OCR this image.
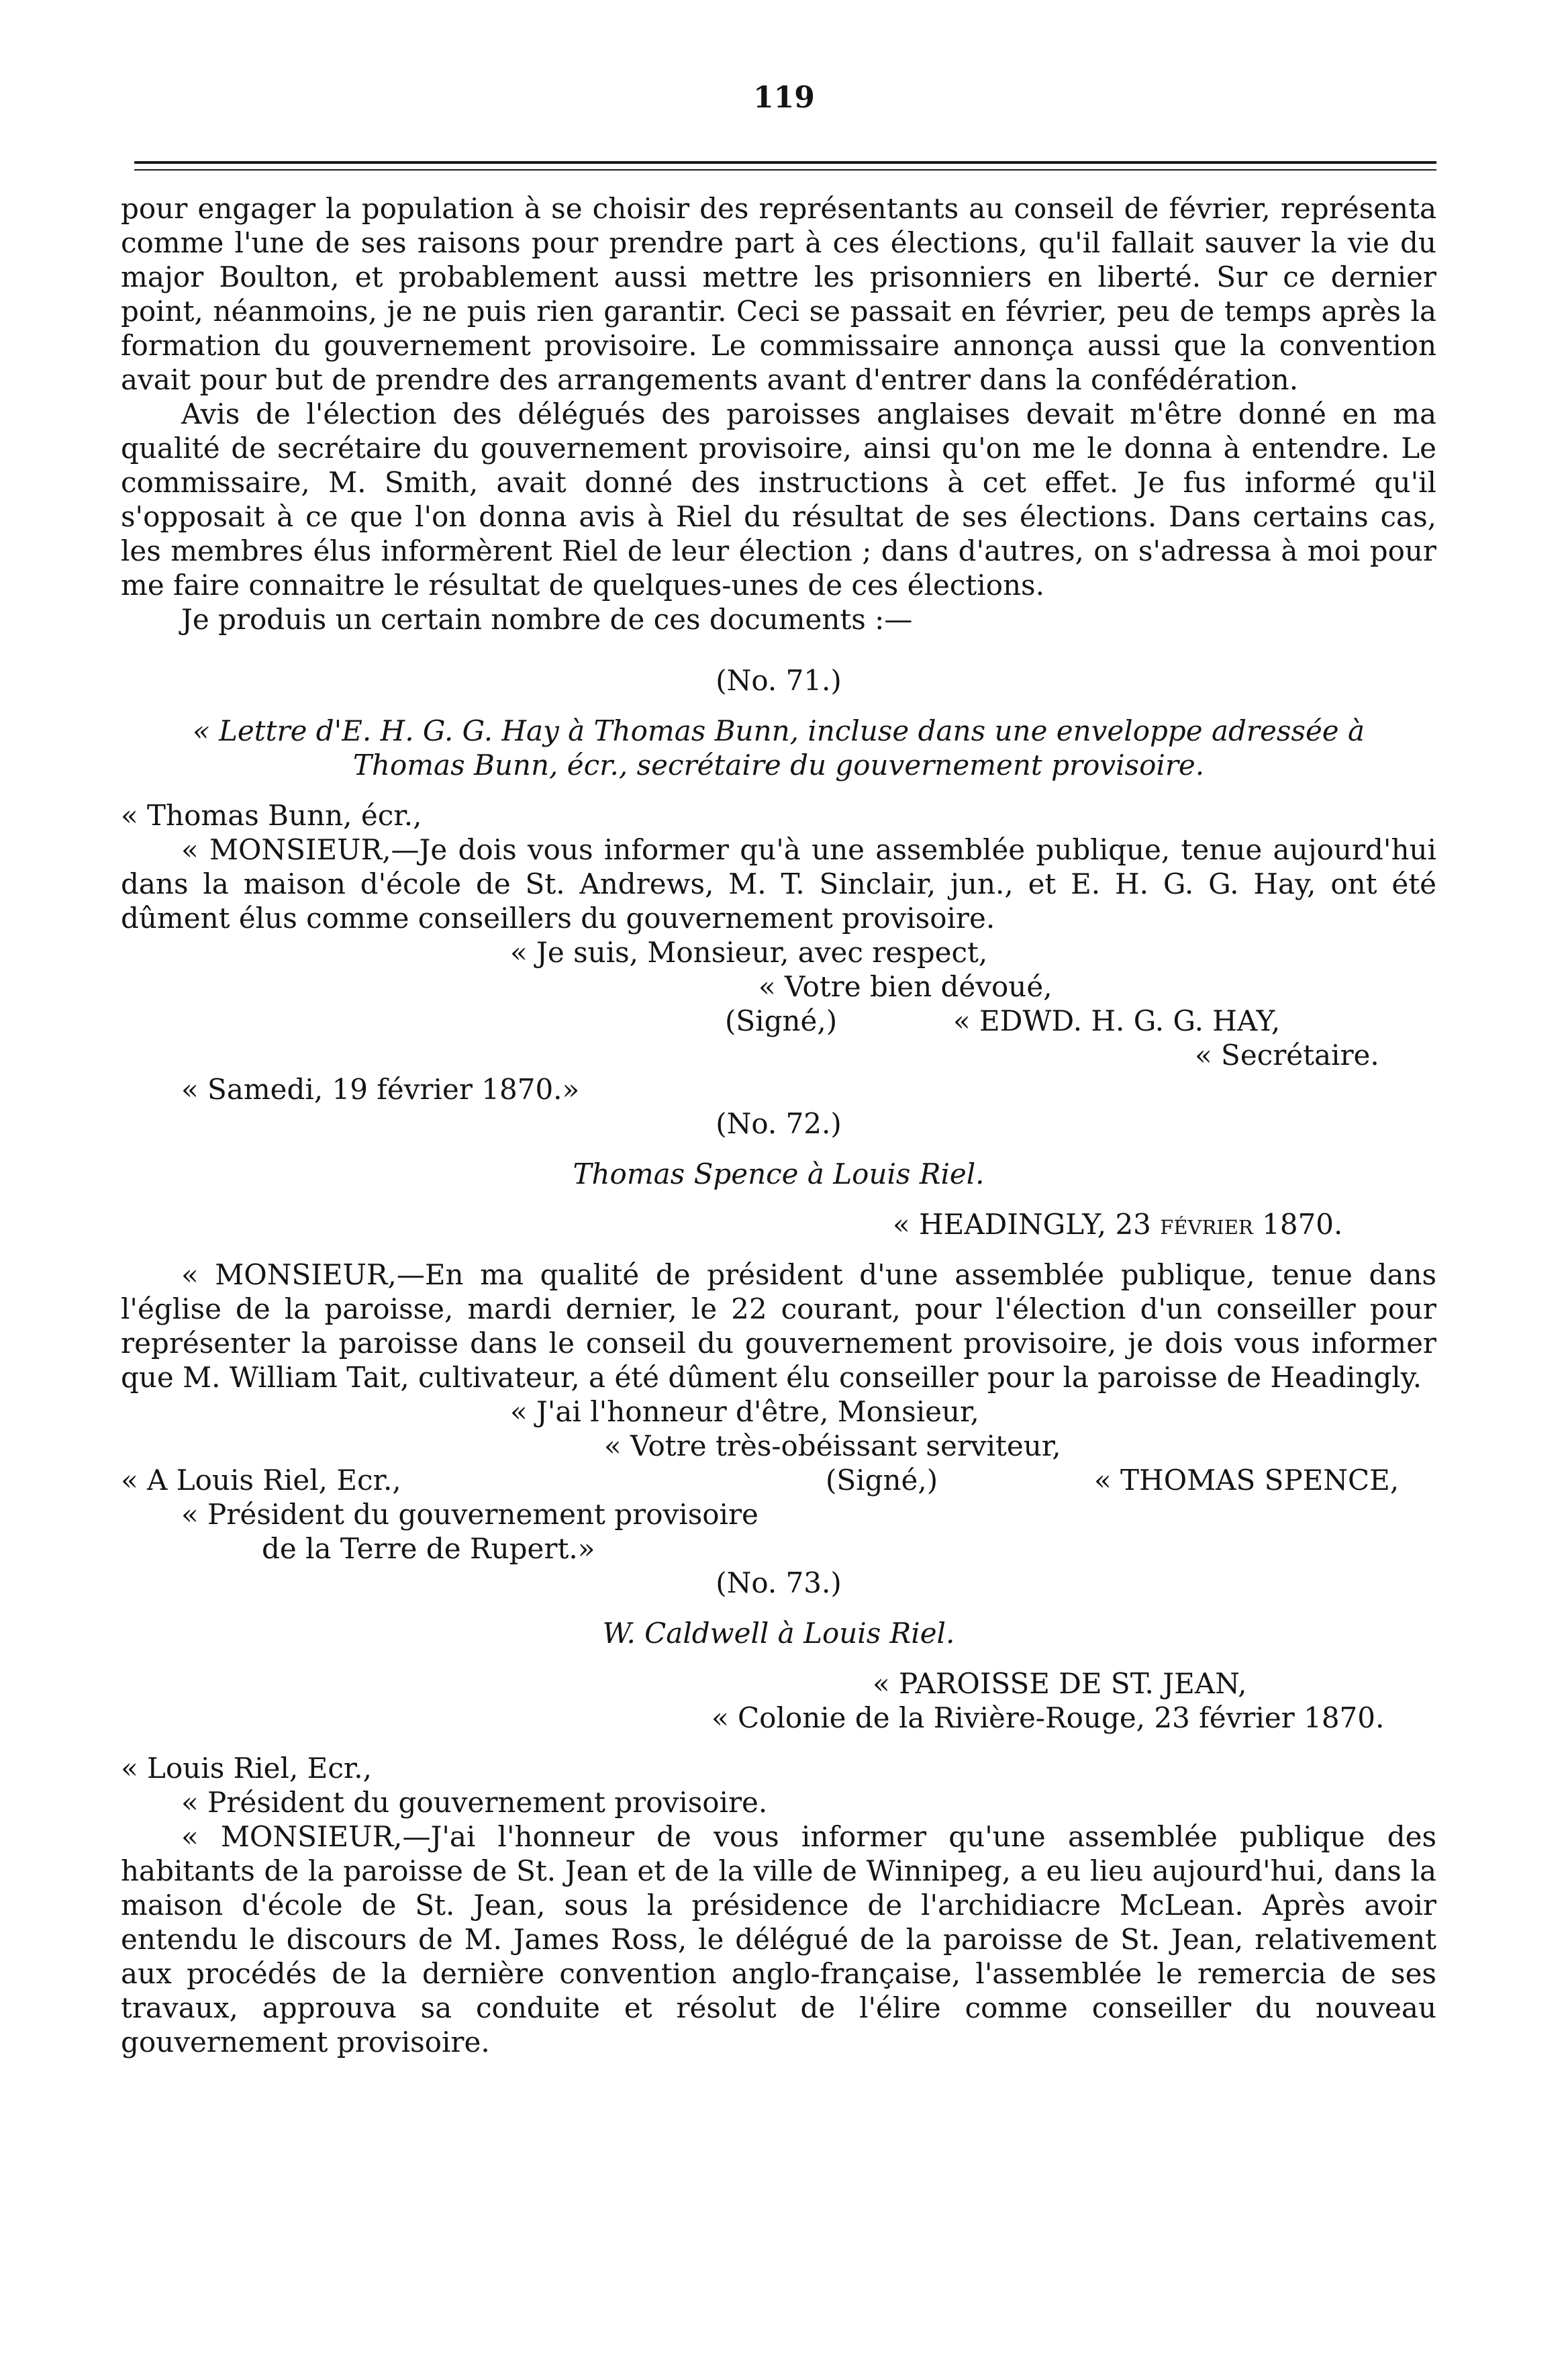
119

pour engager la population à se choisir des représentants au conseil de février, représenta comme l'une de ses raisons pour prendre part à ces élections, qu'il fallait sauver la vie du major Boulton, et probablement aussi mettre les prisonniers en liberté. Sur ce dernier point, néanmoins, je ne puis rien garantir. Ceci se passait en février, peu de temps après la formation du gouvernement provisoire. Le commissaire annonça aussi que la convention avait pour but de prendre des arrangements avant d'entrer dans la confédération.

Avis de l'élection des délégués des paroisses anglaises devait m'être donné en ma qualité de secrétaire du gouvernement provisoire, ainsi qu'on me le donna à entendre. Le commissaire, M. Smith, avait donné des instructions à cet effet. Je fus informé qu'il s'opposait à ce que l'on donna avis à Riel du résultat de ses élections. Dans certains cas, les membres élus informèrent Riel de leur élection ; dans d'autres, on s'adressa à moi pour me faire connaitre le résultat de quelques-unes de ces élections.

Je produis un certain nombre de ces documents :—

(No. 71.)

« Lettre d'E. H. G. G. Hay à Thomas Bunn, incluse dans une enveloppe adressée à Thomas Bunn, écr., secrétaire du gouvernement provisoire.

« Thomas Bunn, écr.,

« MONSIEUR,—Je dois vous informer qu'à une assemblée publique, tenue aujourd'hui dans la maison d'école de St. Andrews, M. T. Sinclair, jun., et E. H. G. G. Hay, ont été dûment élus comme conseillers du gouvernement provisoire.

« Je suis, Monsieur, avec respect,
« Votre bien dévoué,
(Signé,)	« EDWD. H. G. G. HAY,
« Secrétaire.
« Samedi, 19 février 1870.»

(No. 72.)

Thomas Spence à Louis Riel.

« HEADINGLY, 23 février 1870.

« MONSIEUR,—En ma qualité de président d'une assemblée publique, tenue dans l'église de la paroisse, mardi dernier, le 22 courant, pour l'élection d'un conseiller pour représenter la paroisse dans le conseil du gouvernement provisoire, je dois vous informer que M. William Tait, cultivateur, a été dûment élu conseiller pour la paroisse de Headingly.

« J'ai l'honneur d'être, Monsieur,
« Votre très-obéissant serviteur,
« A Louis Riel, Ecr.,	(Signé,)	« THOMAS SPENCE,
« Président du gouvernement provisoire
de la Terre de Rupert.»

(No. 73.)

W. Caldwell à Louis Riel.

« PAROISSE DE ST. JEAN,
« Colonie de la Rivière-Rouge, 23 février 1870.
« Louis Riel, Ecr.,
« Président du gouvernement provisoire.

« MONSIEUR,—J'ai l'honneur de vous informer qu'une assemblée publique des habitants de la paroisse de St. Jean et de la ville de Winnipeg, a eu lieu aujourd'hui, dans la maison d'école de St. Jean, sous la présidence de l'archidiacre McLean. Après avoir entendu le discours de M. James Ross, le délégué de la paroisse de St. Jean, relativement aux procédés de la dernière convention anglo-française, l'assemblée le remercia de ses travaux, approuva sa conduite et résolut de l'élire comme conseiller du nouveau gouvernement provisoire.
